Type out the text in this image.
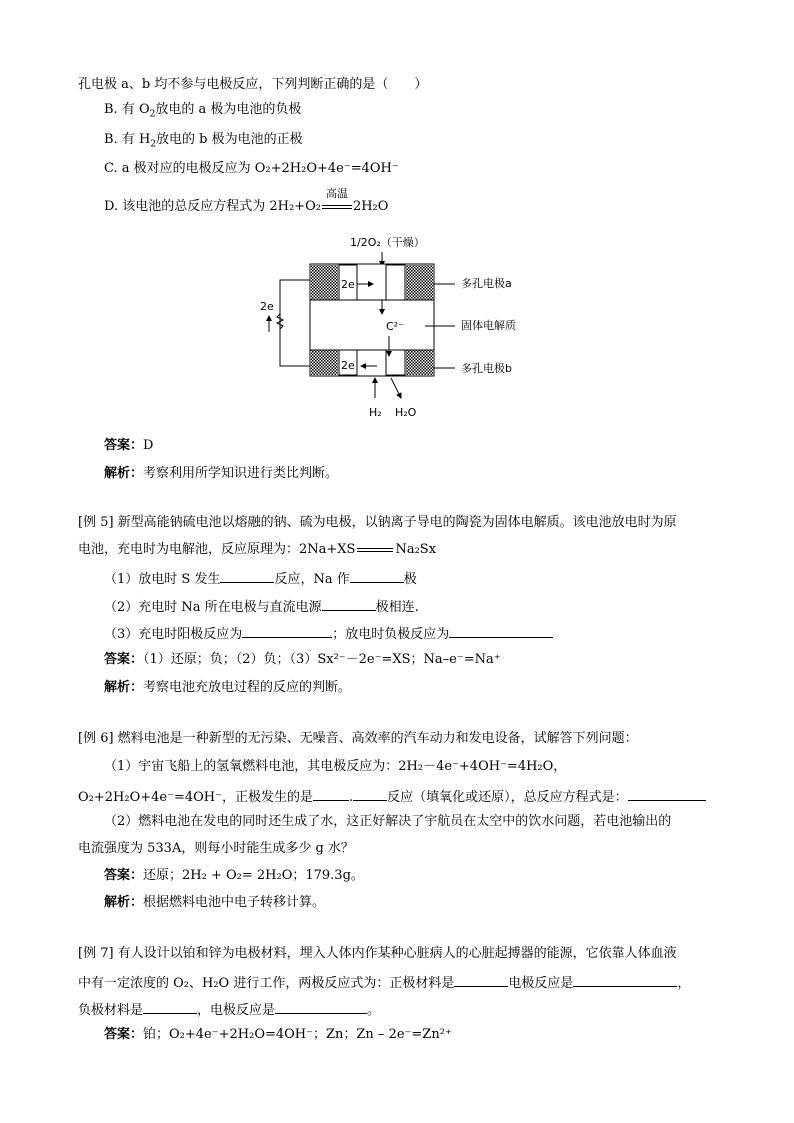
孔电极 a、b 均不参与电极反应，下列判断正确的是（　　）
B. 有 $O_2$放电的 a 极为电池的负极
B. 有 $H_2$放电的 b 极为电池的正极
C. a 极对应的电极反应为 O₂+2H₂O+4e⁻=4OH⁻
D. 该电池的总反应方程式为 2H₂+O₂
高温
2H₂O
1/2O₂（干燥）
2e
C²⁻
2e
2e
多孔电极a
固体电解质
多孔电极b
H₂ H₂O
答案：D
解析：考察利用所学知识进行类比判断。
[例 5] 新型高能钠硫电池以熔融的钠、硫为电极，以钠离子导电的陶瓷为固体电解质。该电池放电时为原
电池，充电时为电解池，反应原理为：2Na+XS	Na₂Sx
（1）放电时 S 发生	反应，Na 作	极
（2）充电时 Na 所在电极与直流电源	极相连.
（3）充电时阳极反应为	；放电时负极反应为
答案：（1）还原；负；（2）负；（3）Sx²⁻－2e⁻=XS；Na–e⁻=Na⁺
解析：考察电池充放电过程的反应的判断。
[例 6] 燃料电池是一种新型的无污染、无噪音、高效率的汽车动力和发电设备，试解答下列问题：
（1）宇宙飞船上的氢氧燃料电池，其电极反应为：2H₂－4e⁻+4OH⁻=4H₂O，
O₂+2H₂O+4e⁻=4OH⁻，正极发生的是	.	反应（填氧化或还原），总反应方程式是：
（2）燃料电池在发电的同时还生成了水，这正好解决了宇航员在太空中的饮水问题，若电池输出的
电流强度为 533A，则每小时能生成多少 g 水？
答案：还原；2H₂ + O₂= 2H₂O；179.3g。
解析：根据燃料电池中电子转移计算。
[例 7] 有人设计以铂和锌为电极材料，埋入人体内作某种心脏病人的心脏起搏器的能源，它依靠人体血液
中有一定浓度的 O₂、H₂O 进行工作，两极反应式为：正极材料是	电极反应是	，
负极材料是	，电极反应是	。
答案：铂；O₂+4e⁻+2H₂O=4OH⁻；Zn；Zn – 2e⁻=Zn²⁺
